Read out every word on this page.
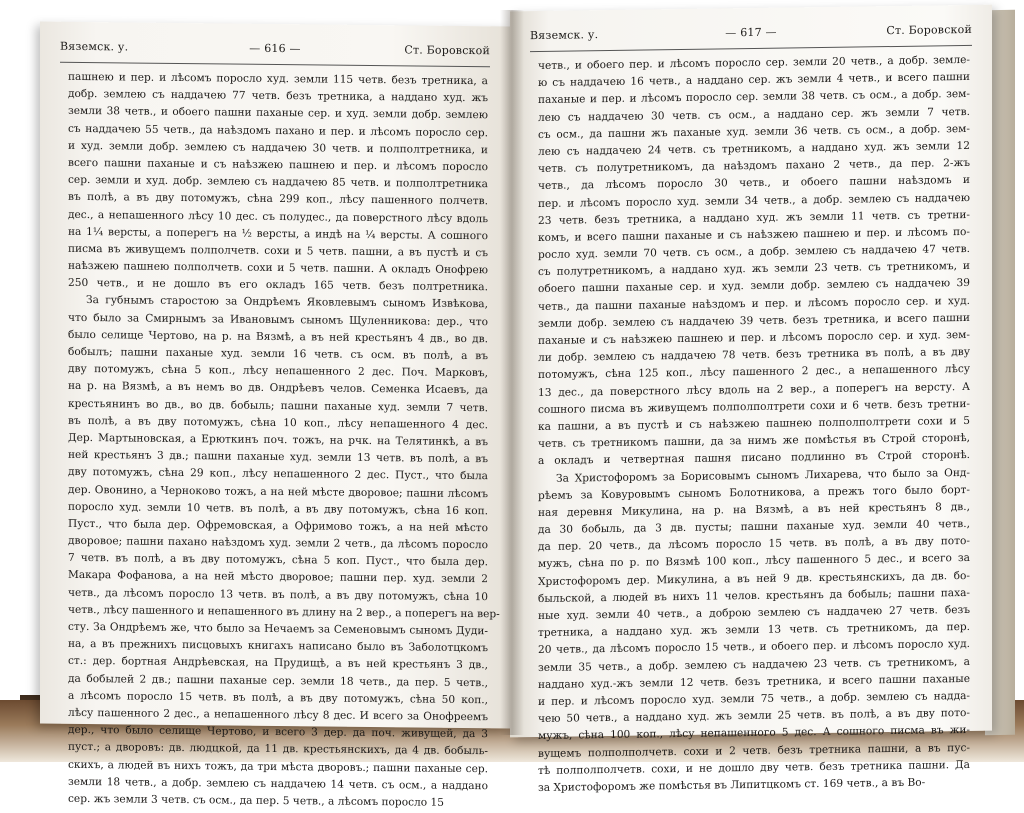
Вяземск. у.	— 616 —	Ст. Боровской
пашнею и пер. и лѣсомъ поросло худ. земли 115 четв. безъ третника, а
добр. землею съ наддачею 77 четв. безъ третника, а наддано худ. жъ
земли 38 четв., и обоего пашни паханые сер. и худ. земли добр. землею
съ наддачею 55 четв., да наѣздомъ пахано и пер. и лѣсомъ поросло сер.
и худ. земли добр. землею съ наддачею 30 четв. и полполтретника, и
всего пашни паханые и съ наѣзжею пашнею и пер. и лѣсомъ поросло
сер. земли и худ. добр. землею съ наддачею 85 четв. и полполтретника
въ полѣ, а въ дву потомужъ, сѣна 299 коп., лѣсу пашенного полчетв.
дес., а непашенного лѣсу 10 дес. съ полудес., да поверстного лѣсу вдоль
на 1¼ версты, а поперегъ на ½ версты, а индѣ на ¼ версты. А сошного
писма въ живущемъ полполчетв. сохи и 5 четв. пашни, а въ пустѣ и съ
наѣзжею пашнею полполчетв. сохи и 5 четв. пашни. А окладъ Онофрею
250 четв., и не дошло въ его окладъ 165 четв. безъ полтретника.
За губнымъ старостою за Ондрѣемъ Яковлевымъ сыномъ Извѣкова,
что было за Смирнымъ за Ивановымъ сыномъ Щуленникова: дер., что
было селище Чертово, на р. на Вязмѣ, а въ ней крестьянъ 4 дв., во дв.
бобылъ; пашни паханые худ. земли 16 четв. съ осм. въ полѣ, а въ
дву потомужъ, сѣна 5 коп., лѣсу непашенного 2 дес. Поч. Марковъ,
на р. на Вязмѣ, а въ немъ во дв. Ондрѣевъ челов. Семенка Исаевъ, да
крестьянинъ во дв., во дв. бобыль; пашни паханые худ. земли 7 четв.
въ полѣ, а въ дву потомужъ, сѣна 10 коп., лѣсу непашенного 4 дес.
Дер. Мартыновская, а Ерюткинъ поч. тожъ, на рчк. на Телятинкѣ, а въ
ней крестьянъ 3 дв.; пашни паханые худ. земли 13 четв. въ полѣ, а въ
дву потомужъ, сѣна 29 коп., лѣсу непашенного 2 дес. Пуст., что была
дер. Овонино, а Черноково тожъ, а на ней мѣсте дворовое; пашни лѣсомъ
поросло худ. земли 10 четв. въ полѣ, а въ дву потомужъ, сѣна 16 коп.
Пуст., что была дер. Офремовская, а Офримово тожъ, а на ней мѣсто
дворовое; пашни пахано наѣздомъ худ. земли 2 четв., да лѣсомъ поросло
7 четв. въ полѣ, а въ дву потомужъ, сѣна 5 коп. Пуст., что была дер.
Макара Фофанова, а на ней мѣсто дворовое; пашни пер. худ. земли 2
четв., да лѣсомъ поросло 13 четв. въ полѣ, а въ дву потомужъ, сѣна 10
четв., лѣсу пашенного и непашенного въ длину на 2 вер., а поперегъ на вер-
сту. За Ондрѣемъ же, что было за Нечаемъ за Семеновымъ сыномъ Дуди-
на, а въ прежнихъ писцовыхъ книгахъ написано было въ Заболотцкомъ
ст.: дер. бортная Андрѣевская, на Прудищѣ, а въ ней крестьянъ 3 дв.,
да бобылей 2 дв.; пашни паханые сер. земли 18 четв., да пер. 5 четв.,
а лѣсомъ поросло 15 четв. въ полѣ, а въ дву потомужъ, сѣна 50 коп.,
лѣсу пашенного 2 дес., а непашенного лѣсу 8 дес. И всего за Онофреемъ
дер., что было селище Чертово, и всего 3 дер. да поч. живущей, да 3
пуст.; а дворовъ: дв. людцкой, да 11 дв. крестьянскихъ, да 4 дв. бобыль-
скихъ, а людей въ нихъ тожъ, да три мѣста дворовъ.; пашни паханые сер.
земли 18 четв., а добр. землею съ наддачею 14 четв. съ осм., а наддано
сер. жъ земли 3 четв. съ осм., да пер. 5 четв., а лѣсомъ поросло 15
Вяземск. у.	— 617 —	Ст. Боровской
четв., и обоего пер. и лѣсомъ поросло сер. земли 20 четв., а добр. земле-
ю съ наддачею 16 четв., а наддано сер. жъ земли 4 четв., и всего пашни
паханые и пер. и лѣсомъ поросло сер. земли 38 четв. съ осм., а добр. зем-
лею съ наддачею 30 четв. съ осм., а наддано сер. жъ земли 7 четв.
съ осм., да пашни жъ паханые худ. земли 36 четв. съ осм., а добр. зем-
лею съ наддачею 24 четв. съ третникомъ, а наддано худ. жъ земли 12
четв. съ полутретникомъ, да наѣздомъ пахано 2 четв., да пер. 2-жъ
четв., да лѣсомъ поросло 30 четв., и обоего пашни наѣздомъ и
пер. и лѣсомъ поросло худ. земли 34 четв., а добр. землею съ наддачею
23 четв. безъ третника, а наддано худ. жъ земли 11 четв. съ третни-
комъ, и всего пашни паханые и съ наѣзжею пашнею и пер. и лѣсомъ по-
росло худ. земли 70 четв. съ осм., а добр. землею съ наддачею 47 четв.
съ полутретникомъ, а наддано худ. жъ земли 23 четв. съ третникомъ, и
обоего пашни паханые сер. и худ. земли добр. землею съ наддачею 39
четв., да пашни паханые наѣздомъ и пер. и лѣсомъ поросло сер. и худ.
земли добр. землею съ наддачею 39 четв. безъ третника, и всего пашни
паханые и съ наѣзжею пашнею и пер. и лѣсомъ поросло сер. и худ. зем-
ли добр. землею съ наддачею 78 четв. безъ третника въ полѣ, а въ дву
потомужъ, сѣна 125 коп., лѣсу пашенного 2 дес., а непашенного лѣсу
13 дес., да поверстного лѣсу вдоль на 2 вер., а поперегъ на версту. А
сошного писма въ живущемъ полполполтрети сохи и 6 четв. безъ третни-
ка пашни, а въ пустѣ и съ наѣзжею пашнею полполполтрети сохи и 5
четв. съ третникомъ пашни, да за нимъ же помѣстья въ Строй сторонѣ,
а окладъ и четвертная пашня писано подлинно въ Строй сторонѣ.
За Христофоромъ за Борисовымъ сыномъ Лихарева, что было за Онд-
рѣемъ за Ковуровымъ сыномъ Болотникова, а прежъ того было борт-
ная деревня Микулина, на р. на Вязмѣ, а въ ней крестьянъ 8 дв.,
да 30 бобыль, да 3 дв. пусты; пашни паханые худ. земли 40 четв.,
да пер. 20 четв., да лѣсомъ поросло 15 четв. въ полѣ, а въ дву пото-
мужъ, сѣна по р. по Вязмѣ 100 коп., лѣсу пашенного 5 дес., и всего за
Христофоромъ дер. Микулина, а въ ней 9 дв. крестьянскихъ, да дв. бо-
быльской, а людей въ нихъ 11 челов. крестьянъ да бобыль; пашни паха-
ные худ. земли 40 четв., а доброю землею съ наддачею 27 четв. безъ
третника, а наддано худ. жъ земли 13 четв. съ третникомъ, да пер.
20 четв., да лѣсомъ поросло 15 четв., и обоего пер. и лѣсомъ поросло худ.
земли 35 четв., а добр. землею съ наддачею 23 четв. съ третникомъ, а
наддано худ.-жъ земли 12 четв. безъ третника, и всего пашни паханые
и пер. и лѣсомъ поросло худ. земли 75 четв., а добр. землею съ надда-
чею 50 четв., а наддано худ. жъ земли 25 четв. въ полѣ, а въ дву пото-
мужъ, сѣна 100 коп., лѣсу непашенного 5 дес. А сошного писма въ жи-
вущемъ полполполчетв. сохи и 2 четв. безъ третника пашни, а въ пус-
тѣ полполполчетв. сохи, и не дошло дву четв. безъ третника пашни. Да
за Христофоромъ же помѣстья въ Липитцкомъ ст. 169 четв., а въ Во-
